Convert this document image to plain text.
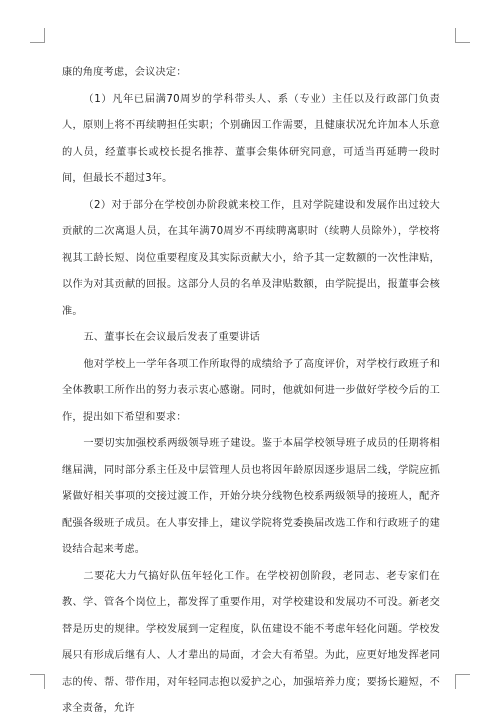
康的角度考虑，会议决定：

（1）凡年已届满70周岁的学科带头人、系（专业）主任以及行政部门负责人，原则上将不再续聘担任实职；个别确因工作需要，且健康状况允许加本人乐意的人员，经董事长或校长提名推荐、董事会集体研究同意，可适当再延聘一段时间，但最长不超过3年。

（2）对于部分在学校创办阶段就来校工作，且对学院建设和发展作出过较大贡献的二次离退人员，在其年满70周岁不再续聘离职时（续聘人员除外），学校将视其工龄长短、岗位重要程度及其实际贡献大小，给予其一定数额的一次性津贴，以作为对其贡献的回报。这部分人员的名单及津贴数额，由学院提出，报董事会核准。

五、董事长在会议最后发表了重要讲话

他对学校上一学年各项工作所取得的成绩给予了高度评价，对学校行政班子和全体教职工所作出的努力表示衷心感谢。同时，他就如何进一步做好学校今后的工作，提出如下希望和要求：

一要切实加强校系两级领导班子建设。鉴于本届学校领导班子成员的任期将相继届满，同时部分系主任及中层管理人员也将因年龄原因逐步退居二线，学院应抓紧做好相关事项的交接过渡工作，开始分块分线物色校系两级领导的接班人，配齐配强各级班子成员。在人事安排上，建议学院将党委换届改选工作和行政班子的建设结合起来考虑。

二要花大力气搞好队伍年轻化工作。在学校初创阶段，老同志、老专家们在教、学、管各个岗位上，都发挥了重要作用，对学校建设和发展功不可没。新老交替是历史的规律。学校发展到一定程度，队伍建设不能不考虑年轻化问题。学校发展只有形成后继有人、人才辈出的局面，才会大有希望。为此，应更好地发挥老同志的传、帮、带作用，对年轻同志抱以爱护之心，加强培养力度；要扬长避短，不求全责备，允许
